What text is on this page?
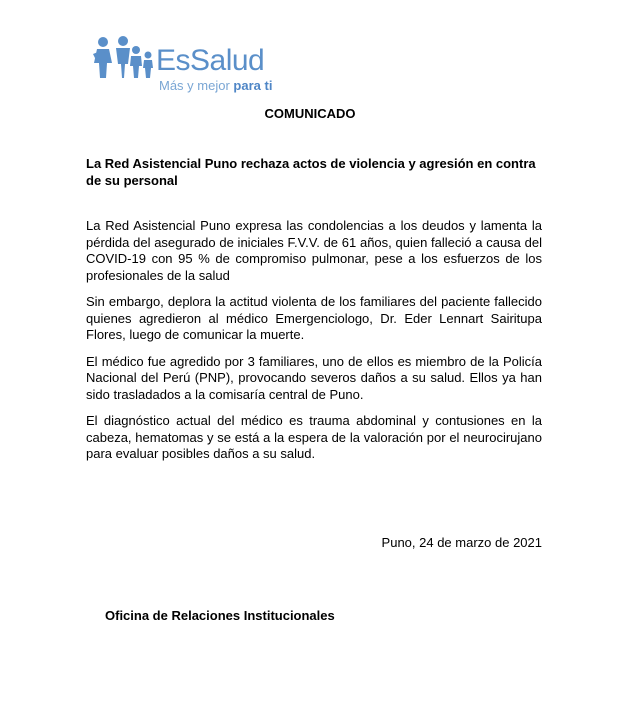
EsSalud
Más y mejor para ti
COMUNICADO
La Red Asistencial Puno rechaza actos de violencia y agresión en contra de su personal

La Red Asistencial Puno expresa las condolencias a los deudos y lamenta la pérdida del asegurado de iniciales F.V.V. de 61 años, quien falleció a causa del COVID-19 con 95 % de compromiso pulmonar, pese a los esfuerzos de los profesionales de la salud

Sin embargo, deplora la actitud violenta de los familiares del paciente fallecido quienes agredieron al médico Emergenciologo, Dr. Eder Lennart Sairitupa Flores, luego de comunicar la muerte.

El médico fue agredido por 3 familiares, uno de ellos es miembro de la Policía Nacional del Perú (PNP), provocando severos daños a su salud. Ellos ya han sido trasladados a la comisaría central de Puno.

El diagnóstico actual del médico es trauma abdominal y contusiones en la cabeza, hematomas y se está a la espera de la valoración por el neurocirujano para evaluar posibles daños a su salud.

Puno, 24 de marzo de 2021
Oficina de Relaciones Institucionales
